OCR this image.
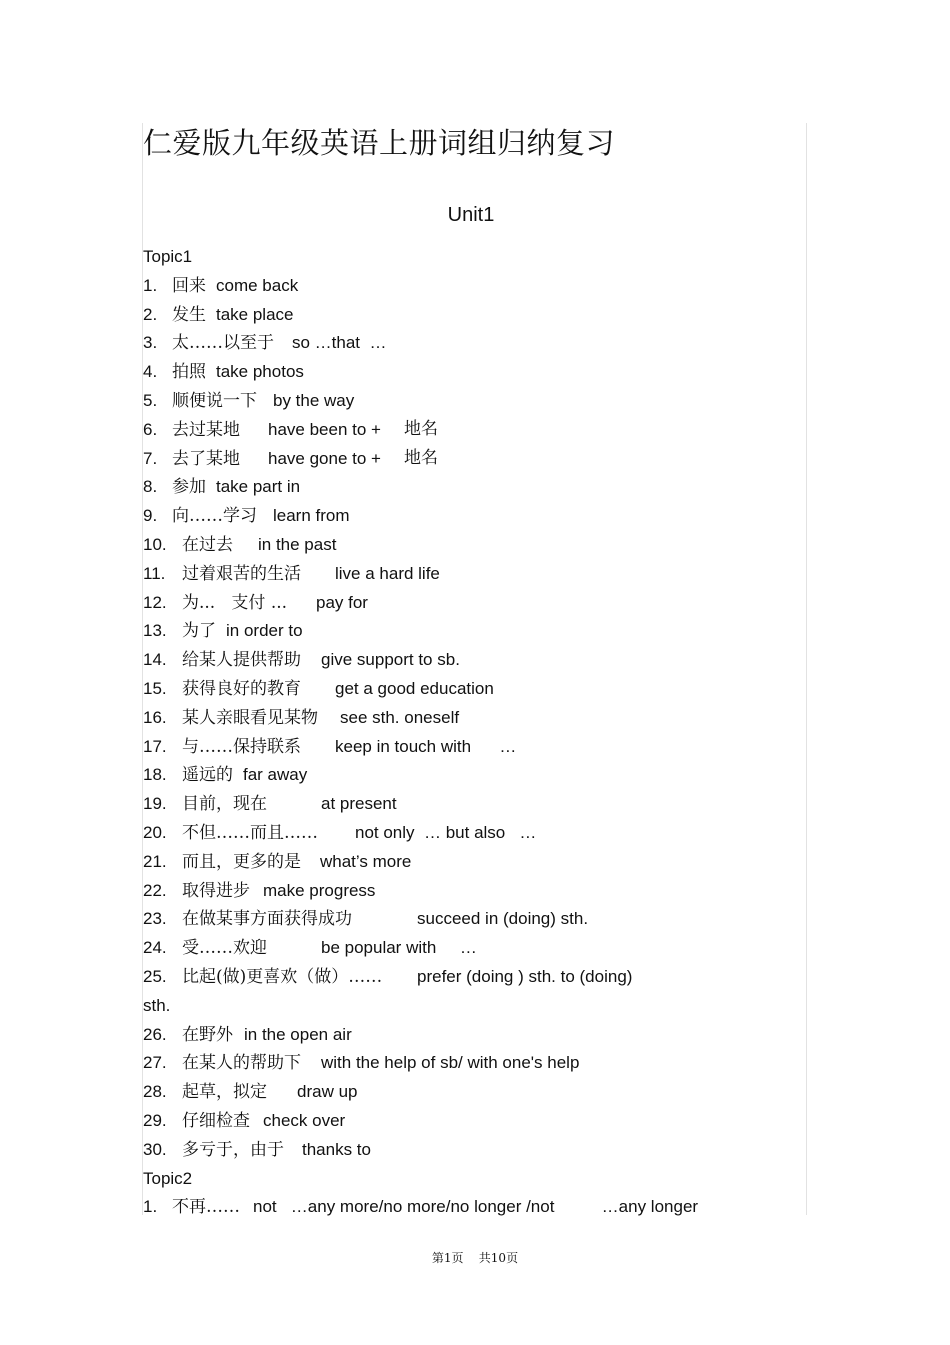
仁爱版九年级英语上册词组归纳复习
Unit1
Topic1
1. 回来 come back
2. 发生 take place
3. 太……以至于 so …that  …
4. 拍照 take photos
5. 顺便说一下 by the way
6. 去过某地 have been to + 地名
7. 去了某地 have gone to + 地名
8. 参加 take part in
9. 向……学习 learn from
10. 在过去 in the past
11. 过着艰苦的生活 live a hard life
12. 为...   支付 ... pay for
13. 为了 in order to
14. 给某人提供帮助 give support to sb.
15. 获得良好的教育 get a good education
16. 某人亲眼看见某物 see sth. oneself
17. 与……保持联系 keep in touch with      …
18. 遥远的 far away
19. 目前，现在	at present
20. 不但……而且…… not only  … but also   …
21. 而且，更多的是 what’s more
22. 取得进步 make progress
23. 在做某事方面获得成功	succeed in (doing) sth.
24. 受……欢迎	be popular with     …
25. 比起(做)更喜欢（做）…… prefer (doing ) sth. to (doing)
sth.
26. 在野外 in the open air
27. 在某人的帮助下 with the help of sb/ with one's help
28. 起草，拟定 draw up
29. 仔细检查 check over
30. 多亏于，由于 thanks to
Topic2
1. 不再…… not   …any more/no more/no longer /not          …any longer
第1页    共10页
